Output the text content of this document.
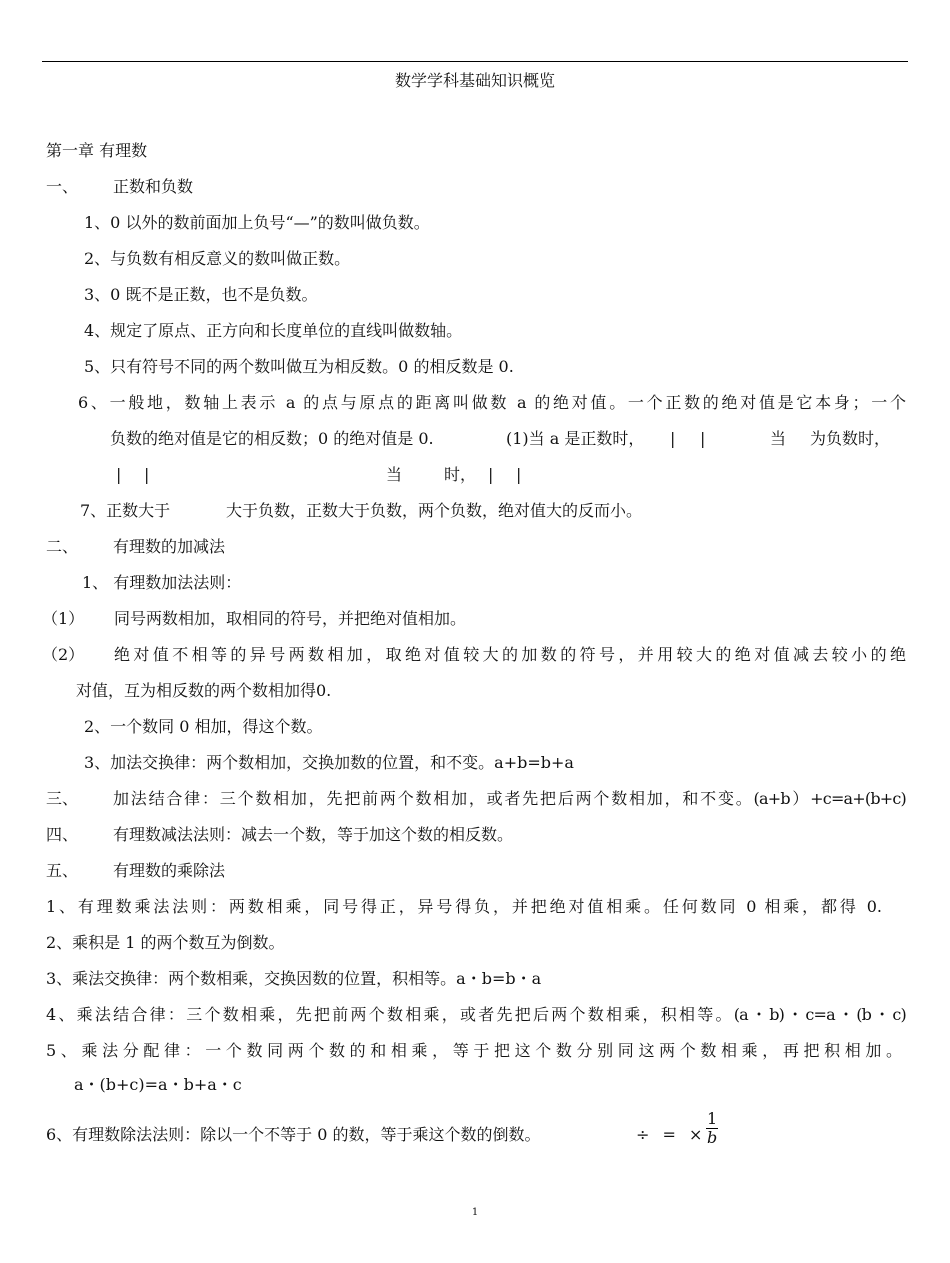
数学学科基础知识概览
第一章 有理数
一、 正数和负数
1、0 以外的数前面加上负号“—”的数叫做负数。
2、与负数有相反意义的数叫做正数。
3、0 既不是正数，也不是负数。
4、规定了原点、正方向和长度单位的直线叫做数轴。
5、只有符号不同的两个数叫做互为相反数。0 的相反数是 0.
6、一般地，数轴上表示 a 的点与原点的距离叫做数 a 的绝对值。一个正数的绝对值是它本身；一个
负数的绝对值是它的相反数；0 的绝对值是 0.	(1)当 a 是正数时， | |	当 为负数时，
| |	当	时， | |
7、正数大于	大于负数，正数大于负数，两个负数，绝对值大的反而小。
二、 有理数的加减法
1、 有理数加法法则：
（1） 同号两数相加，取相同的符号，并把绝对值相加。
（2） 绝对值不相等的异号两数相加，取绝对值较大的加数的符号，并用较大的绝对值减去较小的绝
对值，互为相反数的两个数相加得0.
2、一个数同 0 相加，得这个数。
3、加法交换律：两个数相加，交换加数的位置，和不变。a+b=b+a
三、 加法结合律：三个数相加，先把前两个数相加，或者先把后两个数相加，和不变。(a+b）+c=a+(b+c)
四、 有理数减法法则：减去一个数，等于加这个数的相反数。
五、 有理数的乘除法
1、有理数乘法法则：两数相乘，同号得正，异号得负，并把绝对值相乘。任何数同 0 相乘，都得 0.
2、乘积是 1 的两个数互为倒数。
3、乘法交换律：两个数相乘，交换因数的位置，积相等。a・b=b・a
4、乘法结合律：三个数相乘，先把前两个数相乘，或者先把后两个数相乘，积相等。(a・b)・c=a・(b・c)
5、乘法分配律：一个数同两个数的和相乘，等于把这个数分别同这两个数相乘，再把积相加。
a・(b+c)=a・b+a・c
6、有理数除法法则：除以一个不等于 0 的数，等于乘这个数的倒数。	÷ = × $\frac{1}{b}$
1
